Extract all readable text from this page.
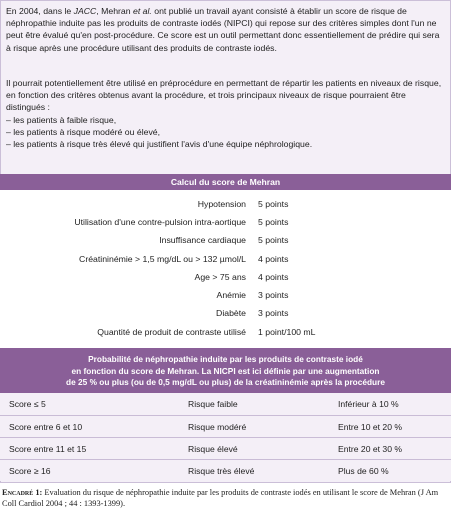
En 2004, dans le JACC, Mehran et al. ont publié un travail ayant consisté à établir un score de risque de néphropathie induite pas les produits de contraste iodés (NIPCI) qui repose sur des critères simples dont l'un ne peut être évalué qu'en post-procédure. Ce score est un outil permettant donc essentiellement de prédire qui sera à risque après une procédure utilisant des produits de contraste iodés.

Il pourrait potentiellement être utilisé en préprocédure en permettant de répartir les patients en niveaux de risque, en fonction des critères obtenus avant la procédure, et trois principaux niveaux de risque pourraient être distingués :

– les patients à faible risque,
– les patients à risque modéré ou élevé,
– les patients à risque très élevé qui justifient l'avis d'une équipe néphrologique.
Calcul du score de Mehran
Hypotension 5 points
Utilisation d'une contre-pulsion intra-aortique 5 points
Insuffisance cardiaque 5 points
Créatininémie > 1,5 mg/dL ou > 132 µmol/L 4 points
Age > 75 ans 4 points
Anémie 3 points
Diabète 3 points
Quantité de produit de contraste utilisé 1 point/100 mL
Probabilité de néphropathie induite par les produits de contraste iodé
en fonction du score de Mehran. La NICPI est ici définie par une augmentation
de 25 % ou plus (ou de 0,5 mg/dL ou plus) de la créatininémie après la procédure
Score ≤ 5	Risque faible	Inférieur à 10 %
Score entre 6 et 10	Risque modéré	Entre 10 et 20 %
Score entre 11 et 15	Risque élevé	Entre 20 et 30 %
Score ≥ 16	Risque très élevé	Plus de 60 %
Encadré 1: Evaluation du risque de néphropathie induite par les produits de contraste iodés en utilisant le score de Mehran (J Am Coll Cardiol 2004 ; 44 : 1393-1399).
